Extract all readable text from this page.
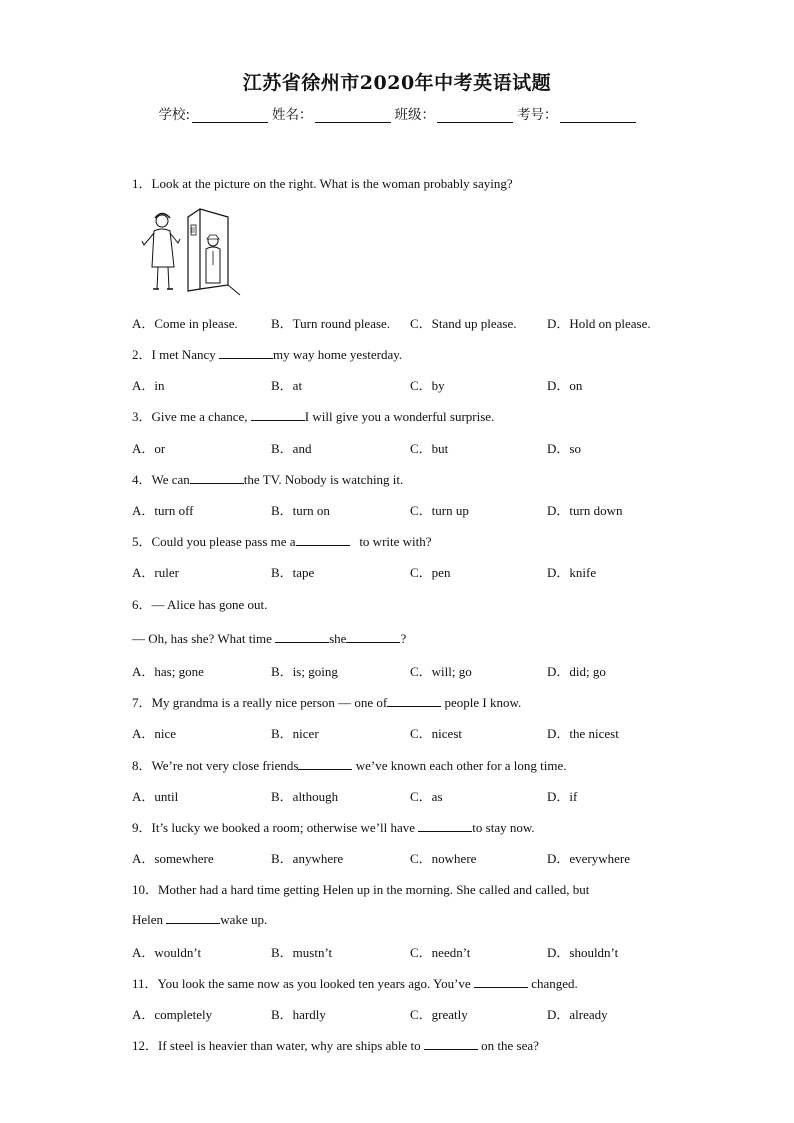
江苏省徐州市2020年中考英语试题
学校:	姓名：	班级：	考号：
1．Look at the picture on the right. What is the woman probably saying?
A．Come in please.	B．Turn round please. C．Stand up please. D．Hold on please.
2．I met Nancy	my way home yesterday.
A．in	B．at	C．by	D．on
3．Give me a chance,	I will give you a wonderful surprise.
A．or	B．and	C．but	D．so
4．We can	the TV. Nobody is watching it.
A．turn off	B．turn on	C．turn up	D．turn down
5．Could you please pass me a	to write with?
A．ruler	B．tape	C．pen	D．knife
6．— Alice has gone out.
— Oh, has she? What time	she	?
A．has; gone	B．is; going	C．will; go	D．did; go
7．My grandma is a really nice person — one of	people I know.
A．nice	B．nicer	C．nicest	D．the nicest
8．We’re not very close friends	we’ve known each other for a long time.
A．until	B．although	C．as	D．if
9．It’s lucky we booked a room; otherwise we’ll have	to stay now.
A．somewhere	B．anywhere	C．nowhere	D．everywhere
10．Mother had a hard time getting Helen up in the morning. She called and called, but
Helen	wake up.
A．wouldn’t	B．mustn’t	C．needn’t	D．shouldn’t
11．You look the same now as you looked ten years ago. You’ve	changed.
A．completely	B．hardly	C．greatly	D．already
12．If steel is heavier than water, why are ships able to	on the sea?
